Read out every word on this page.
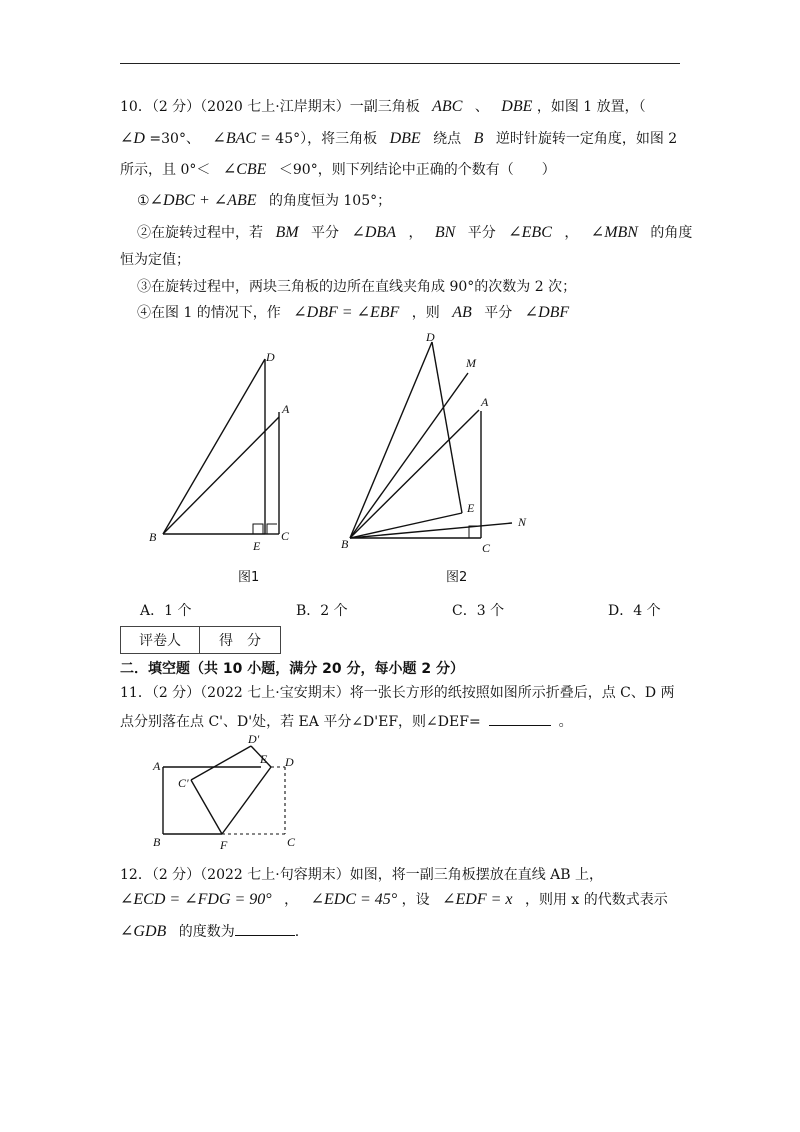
10．（2 分）（2020 七上·江岸期末）一副三角板 ABC 、 DBE ，如图 1 放置，（
∠D =30°、 ∠BAC = 45°），将三角板 DBE 绕点 B 逆时针旋转一定角度，如图 2
所示，且 0°＜ ∠CBE ＜90°，则下列结论中正确的个数有（　　）
①∠DBC + ∠ABE 的角度恒为 105°；
②在旋转过程中，若 BM 平分 ∠DBA ， BN 平分 ∠EBC ， ∠MBN 的角度
恒为定值；
③在旋转过程中，两块三角板的边所在直线夹角成 90°的次数为 2 次；
④在图 1 的情况下，作 ∠DBF = ∠EBF ，则 AB 平分 ∠DBF
D
A
B
E
C
图1
D
M
A
E
N
B	C
图2
A．1 个	B．2 个	C．3 个	D．4 个
评卷人	得　分
二．填空题（共 10 小题，满分 20 分，每小题 2 分）
11．（2 分）（2022 七上·宝安期末）将一张长方形的纸按照如图所示折叠后，点 C、D 两
点分别落在点 C'、D'处，若 EA 平分∠D'EF，则∠DEF=	。
D'
A	E D
C'
B	F	C
12．（2 分）（2022 七上·句容期末）如图，将一副三角板摆放在直线 AB 上，
∠ECD = ∠FDG = 90° ， ∠EDC = 45° ，设 ∠EDF = x ，则用 x 的代数式表示
∠GDB 的度数为	.
